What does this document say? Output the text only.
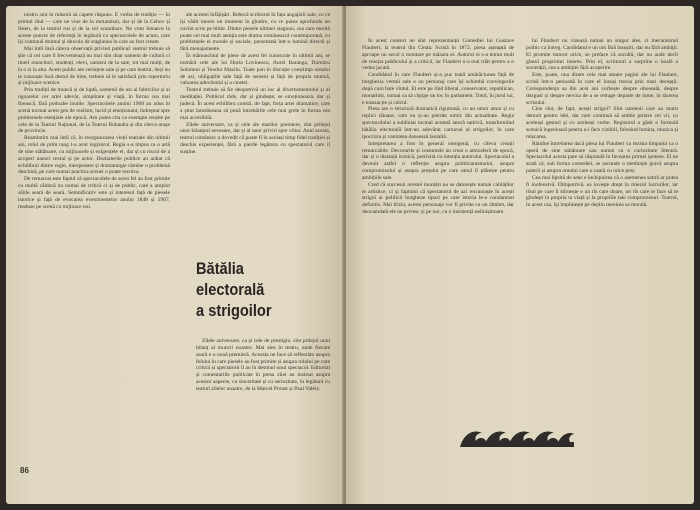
nostru sint în măsură să capete răspuns. E vorba de tradiție — în primul rînd — care ne vine de la romantism, dar și de la Cehov și Ibsen, de la teatrul rus și de la cel scandinav. Ne vom întoarce la aceste puncte de referință în legătură cu spectacolele de acum, care își continuă drumul și dincolo de stagiunea în care au fost create.

Mai întîi însă câteva observații privind publicul: teatrul trebuie să știe că cei care îl frecventează nu mai sînt doar oameni de cultură ci tineri muncitori, studenți, elevi, oameni de la sate, tot mai mulți, de la o zi la alta. Acest public are cerințele sale și pe care teatrul, deși nu le cunoaște încă destul de bine, trebuie să le satisfacă prin repertoriu și mijloace scenice.

Prin tradiții de muncă și de luptă, oamenii de azi ai fabricilor și ai ogoarelor cer artei adevăr, simplitate și viață, în forma cea mai firească, fără podoabe inutile. Spectacolele anului 1968 au adus în scenă tocmai acest gen de realism, lucid și emoționant, îndreptat spre problemele esențiale ale epocii. Am putea cita ca exemple reușite pe cele de la Teatrul Național, de la Teatrul Bulandra și din cîteva orașe de provincie.

Reamintim mai întîi că, în reorganizarea vieții teatrale din ultimii ani, rolul de prim rang l-a avut regizorul. Regia s-a impus ca o artă de sine stătătoare, cu mijloacele și exigențele ei, dar și cu riscul de a acoperi uneori textul și pe actor. Dezbaterile publice au arătat că echilibrul dintre regie, interpretare și dramaturgie rămîne o problemă deschisă, pe care numai practica scenei o poate rezolva.

De remarcat este faptul că spectacolele de acest fel au fost primite cu multă căldură nu numai de critică ci și de public, care a umplut sălile seară de seară. Semnificativ este și interesul față de piesele istorice și față de evocarea evenimentelor anului 1848 și 1907, readuse pe scenă cu mijloace noi.

ale acestei înfățișări. Rebecă scriitorul în fața angajării sale, cu ce își vădit mereu un moment în gîndire, cu ce putea aprofunda un cuvînt scris pe hîrtie. Dintre piesele ultimei stagiuni, cea care merită poate cel mai mult atenția este drama românească contemporană, cu problemele ei morale și sociale, prezentată într-o lumină directă și fără menajamente.

În mănunchiul de piese de acest fel cunoscute în ultimii ani, se numără cele ale lui Horia Lovinescu, Aurel Baranga, Dumitru Solomon și Teodor Mazilu. Toate pun în discuție conștiința omului de azi, obligațiile sale față de semeni și față de propria muncă, valoarea adevărului și a cinstei.

Teatrul trebuie să fie deopotrivă un loc al divertismentului și al meditației. Publicul râde, dar și gîndește; se emoționează, dar și judecă. În acest echilibru constă, de fapt, forța artei dramatice, care a știut întotdeauna să pună întrebările cele mai grele în forma cea mai accesibilă.

Zilele aniversare, ca și cele ale marilor premiere, sînt prilejul unor bilanțuri necesare, dar și al unor priviri spre viitor. Anul acesta, teatrul românesc a dovedit că poate fi în același timp fidel tradiției și deschis experienței, fără a pierde legătura cu spectatorul care îl susține.

Bătălia
electorală
a strigoilor

Zilele aniversare, ca și cele de prestigiu, sînt prilejul unui bilanț al muncii noastre. Mai ales în teatru, unde fiecare seară e o nouă premieră. Aceasta ne face să reflectăm asupra felului în care piesele au fost primite și asupra rolului pe care criticii și spectatorii îl au în destinul unui spectacol. Editorial și comentariile publicate în presa zilei au insistat asupra acestor aspecte, cu sinceritate și cu seriozitate, în legătură cu teatrul zilelor noastre, de la Marcel Proust și Paul Valéry.

86

În acest context ne sînt reprezentanții Comediei lui Gustave Flaubert, la teatrul din Ceuta. Scrisă în 1872, piesa așteaptă de aproape un secol o montare pe măsura ei. Autorul ei s-a temut mult de reacția publicului și a criticii, iar Flaubert n-a mai trăit pentru a o vedea jucată.

Candidatul în care Flaubert și-a pus toată amărăciunea față de burghezia vremii sale e un personaj care își schimbă convingerile după cum bate vîntul. El este pe rînd liberal, conservator, republican, monarhist, numai ca să cîștige un loc în parlament. Totul, în jurul lui, e tranzacție și calcul.

Piesa are o structură dramatică riguroasă, cu un umor amar și cu replici tăioase, care nu și-au pierdut nimic din actualitate. Regia spectacolului a subliniat tocmai această latură satirică, transformînd bătălia electorală într-un adevărat carnaval al strigoilor, în care ipocrizia și vanitatea dansează laolaltă.

Interpretarea a fost în general omogenă, cu cîteva creații remarcabile. Decorurile și costumele au creat o atmosferă de epocă, dar și o distanță ironică, potrivită cu intenția autorului. Spectacolul a devenit astfel o reflecție asupra politicianismului, asupra compromisului și asupra prețului pe care omul îl plătește pentru ambițiile sale.

Cred că succesul acestei montări nu se datorește numai calităților ei artistice, ci și faptului că spectatorul de azi recunoaște în acești strigoi ai politicii burgheze tipuri pe care istoria le-a condamnat definitiv. Mai tîrziu, aceste personaje vor fi privite cu un zîmbet, dar deocamdată ele ne privesc și pe noi, cu o insistență neliniștitoare.

lui Flaubert nu vizează numai un singur ales, ci mecanismul politic ca întreg. Candidatul e un om fără însușiri, dar nu fără ambiții. El promite tuturor orice, se preface că ascultă, dar nu aude decît glasul propriului interes. Prin el, scriitorul a surprins o boală a societății, cea a ambiției fără acoperire.

Este, poate, una dintre cele mai amare pagini ale lui Flaubert, scrisă într-o perioadă în care el însuși trecea prin mari decepții. Corespondența sa din acei ani vorbește despre oboseală, despre dezgust și despre nevoia de a se retrage departe de lume, în tăcerea scrisului.

Cine sînt, de fapt, acești strigoi? Sînt oamenii care au murit demult pentru idei, dar care continuă să umble printre cei vii, cu aceleași gesturi și cu aceleași vorbe. Regizorul a găsit o formulă scenică ingenioasă pentru a-i face vizibili, folosind lumina, muzica și mișcarea.

Rămîne întrebarea dacă piesa lui Flaubert va rezista timpului ca o operă de sine stătătoare sau numai ca o curiozitate literară. Spectacolul acesta pare să răspundă în favoarea primei ipoteze. El ne arată că, sub forma comediei, se ascunde o meditație gravă asupra puterii și asupra omului care o caută cu orice preț.

Cea mai lipsită de sens e închipuirea că o asemenea satiră ar putea fi inofensivă. Dimpotrivă, ea lovește drept în miezul lucrurilor, iar rîsul pe care îl stîrnește e un rîs care doare, un rîs care te face să te gîndești la propria ta viață și la propriile tale compromisuri. Teatrul, în acest caz, își împlinește pe deplin menirea sa morală.
